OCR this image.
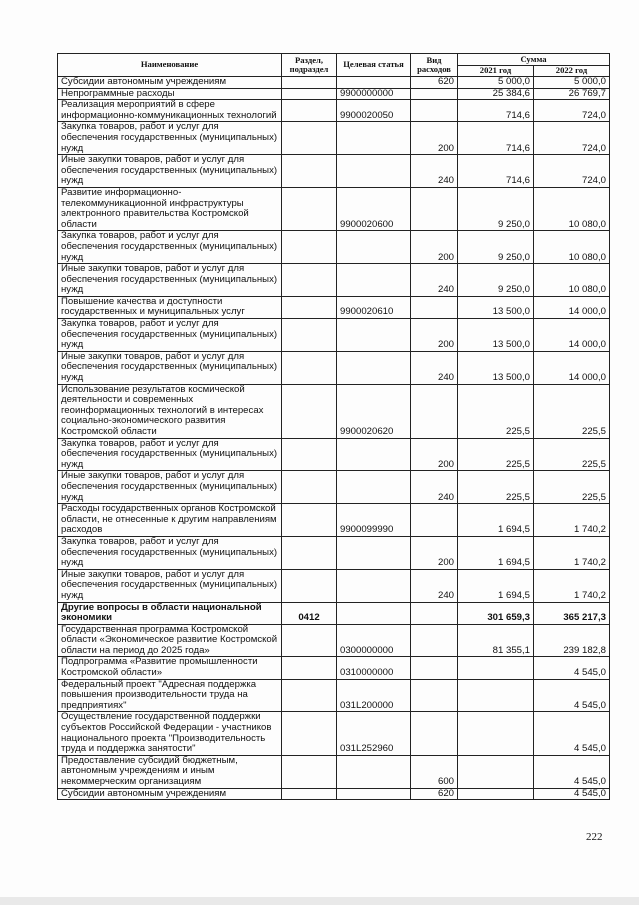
Наименование	Раздел, подраздел	Целевая статья	Вид расходов	Сумма	
				2021 год	2022 год
Субсидии автономным учреждениям			620	5 000,0	5 000,0
Непрограммные расходы		9900000000		25 384,6	26 769,7
Реализация мероприятий в сфере информационно-коммуникационных технологий		9900020050		714,6	724,0
Закупка товаров, работ и услуг для обеспечения государственных (муниципальных) нужд			200	714,6	724,0
Иные закупки товаров, работ и услуг для обеспечения государственных (муниципальных) нужд			240	714,6	724,0
Развитие информационно-телекоммуникационной инфраструктуры электронного правительства Костромской области		9900020600		9 250,0	10 080,0
Закупка товаров, работ и услуг для обеспечения государственных (муниципальных) нужд			200	9 250,0	10 080,0
Иные закупки товаров, работ и услуг для обеспечения государственных (муниципальных) нужд			240	9 250,0	10 080,0
Повышение качества и доступности государственных и муниципальных услуг		9900020610		13 500,0	14 000,0
Закупка товаров, работ и услуг для обеспечения государственных (муниципальных) нужд			200	13 500,0	14 000,0
Иные закупки товаров, работ и услуг для обеспечения государственных (муниципальных) нужд			240	13 500,0	14 000,0
Использование результатов космической деятельности и современных геоинформационных технологий в интересах социально-экономического развития Костромской области		9900020620		225,5	225,5
Закупка товаров, работ и услуг для обеспечения государственных (муниципальных) нужд			200	225,5	225,5
Иные закупки товаров, работ и услуг для обеспечения государственных (муниципальных) нужд			240	225,5	225,5
Расходы государственных органов Костромской области, не отнесенные к другим направлениям расходов		9900099990		1 694,5	1 740,2
Закупка товаров, работ и услуг для обеспечения государственных (муниципальных) нужд			200	1 694,5	1 740,2
Иные закупки товаров, работ и услуг для обеспечения государственных (муниципальных) нужд			240	1 694,5	1 740,2
Другие вопросы в области национальной экономики	0412			301 659,3	365 217,3
Государственная программа Костромской области «Экономическое развитие Костромской области на период до 2025 года»		0300000000		81 355,1	239 182,8
Подпрограмма «Развитие промышленности Костромской области»		0310000000			4 545,0
Федеральный проект "Адресная поддержка повышения производительности труда на предприятиях"		031L200000			4 545,0
Осуществление государственной поддержки субъектов Российской Федерации - участников национального проекта "Производительность труда и поддержка занятости"		031L252960			4 545,0
Предоставление субсидий бюджетным, автономным учреждениям и иным некоммерческим организациям			600		4 545,0
Субсидии автономным учреждениям			620		4 545,0
222
